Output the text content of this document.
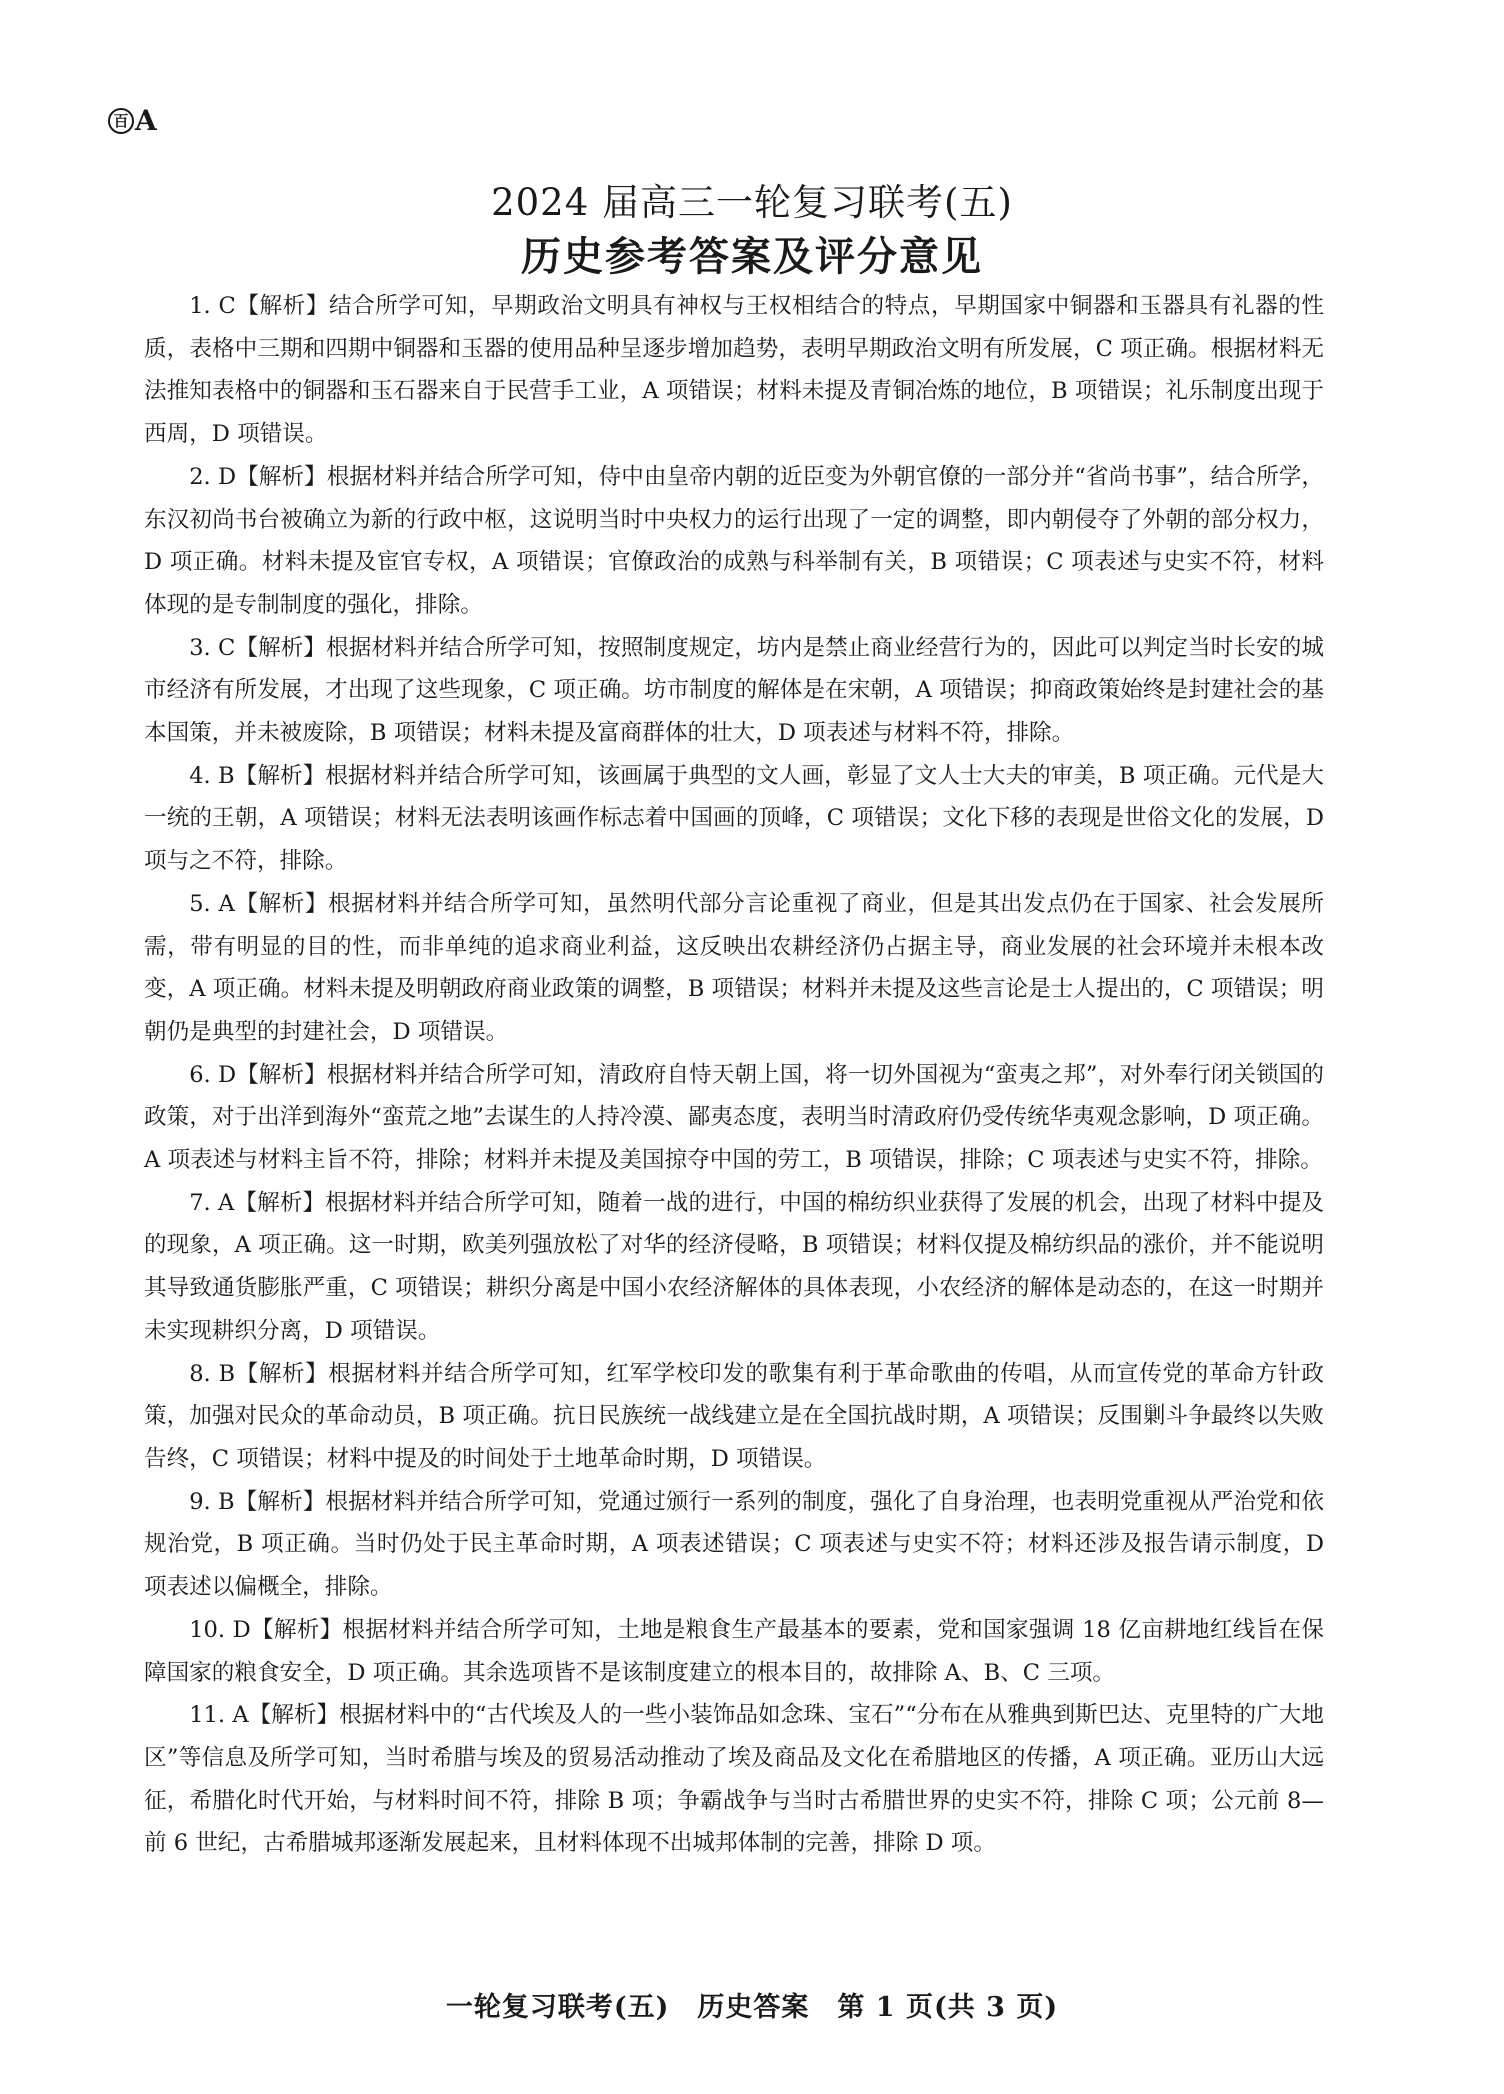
百 A
2024 届高三一轮复习联考(五)
历史参考答案及评分意见

1. C【解析】结合所学可知，早期政治文明具有神权与王权相结合的特点，早期国家中铜器和玉器具有礼器的性质，表格中三期和四期中铜器和玉器的使用品种呈逐步增加趋势，表明早期政治文明有所发展，C 项正确。根据材料无法推知表格中的铜器和玉石器来自于民营手工业，A 项错误；材料未提及青铜冶炼的地位，B 项错误；礼乐制度出现于西周，D 项错误。

2. D【解析】根据材料并结合所学可知，侍中由皇帝内朝的近臣变为外朝官僚的一部分并“省尚书事”，结合所学，东汉初尚书台被确立为新的行政中枢，这说明当时中央权力的运行出现了一定的调整，即内朝侵夺了外朝的部分权力，D 项正确。材料未提及宦官专权，A 项错误；官僚政治的成熟与科举制有关，B 项错误；C 项表述与史实不符，材料体现的是专制制度的强化，排除。

3. C【解析】根据材料并结合所学可知，按照制度规定，坊内是禁止商业经营行为的，因此可以判定当时长安的城市经济有所发展，才出现了这些现象，C 项正确。坊市制度的解体是在宋朝，A 项错误；抑商政策始终是封建社会的基本国策，并未被废除，B 项错误；材料未提及富商群体的壮大，D 项表述与材料不符，排除。

4. B【解析】根据材料并结合所学可知，该画属于典型的文人画，彰显了文人士大夫的审美，B 项正确。元代是大一统的王朝，A 项错误；材料无法表明该画作标志着中国画的顶峰，C 项错误；文化下移的表现是世俗文化的发展，D 项与之不符，排除。

5. A【解析】根据材料并结合所学可知，虽然明代部分言论重视了商业，但是其出发点仍在于国家、社会发展所需，带有明显的目的性，而非单纯的追求商业利益，这反映出农耕经济仍占据主导，商业发展的社会环境并未根本改变，A 项正确。材料未提及明朝政府商业政策的调整，B 项错误；材料并未提及这些言论是士人提出的，C 项错误；明朝仍是典型的封建社会，D 项错误。

6. D【解析】根据材料并结合所学可知，清政府自恃天朝上国，将一切外国视为“蛮夷之邦”，对外奉行闭关锁国的政策，对于出洋到海外“蛮荒之地”去谋生的人持冷漠、鄙夷态度，表明当时清政府仍受传统华夷观念影响，D 项正确。A 项表述与材料主旨不符，排除；材料并未提及美国掠夺中国的劳工，B 项错误，排除；C 项表述与史实不符，排除。

7. A【解析】根据材料并结合所学可知，随着一战的进行，中国的棉纺织业获得了发展的机会，出现了材料中提及的现象，A 项正确。这一时期，欧美列强放松了对华的经济侵略，B 项错误；材料仅提及棉纺织品的涨价，并不能说明其导致通货膨胀严重，C 项错误；耕织分离是中国小农经济解体的具体表现，小农经济的解体是动态的，在这一时期并未实现耕织分离，D 项错误。

8. B【解析】根据材料并结合所学可知，红军学校印发的歌集有利于革命歌曲的传唱，从而宣传党的革命方针政策，加强对民众的革命动员，B 项正确。抗日民族统一战线建立是在全国抗战时期，A 项错误；反围剿斗争最终以失败告终，C 项错误；材料中提及的时间处于土地革命时期，D 项错误。

9. B【解析】根据材料并结合所学可知，党通过颁行一系列的制度，强化了自身治理，也表明党重视从严治党和依规治党，B 项正确。当时仍处于民主革命时期，A 项表述错误；C 项表述与史实不符；材料还涉及报告请示制度，D 项表述以偏概全，排除。

10. D【解析】根据材料并结合所学可知，土地是粮食生产最基本的要素，党和国家强调 18 亿亩耕地红线旨在保障国家的粮食安全，D 项正确。其余选项皆不是该制度建立的根本目的，故排除 A、B、C 三项。

11. A【解析】根据材料中的“古代埃及人的一些小装饰品如念珠、宝石”“分布在从雅典到斯巴达、克里特的广大地区”等信息及所学可知，当时希腊与埃及的贸易活动推动了埃及商品及文化在希腊地区的传播，A 项正确。亚历山大远征，希腊化时代开始，与材料时间不符，排除 B 项；争霸战争与当时古希腊世界的史实不符，排除 C 项；公元前 8—前 6 世纪，古希腊城邦逐渐发展起来，且材料体现不出城邦体制的完善，排除 D 项。

一轮复习联考(五)　历史答案　第 1 页(共 3 页)
